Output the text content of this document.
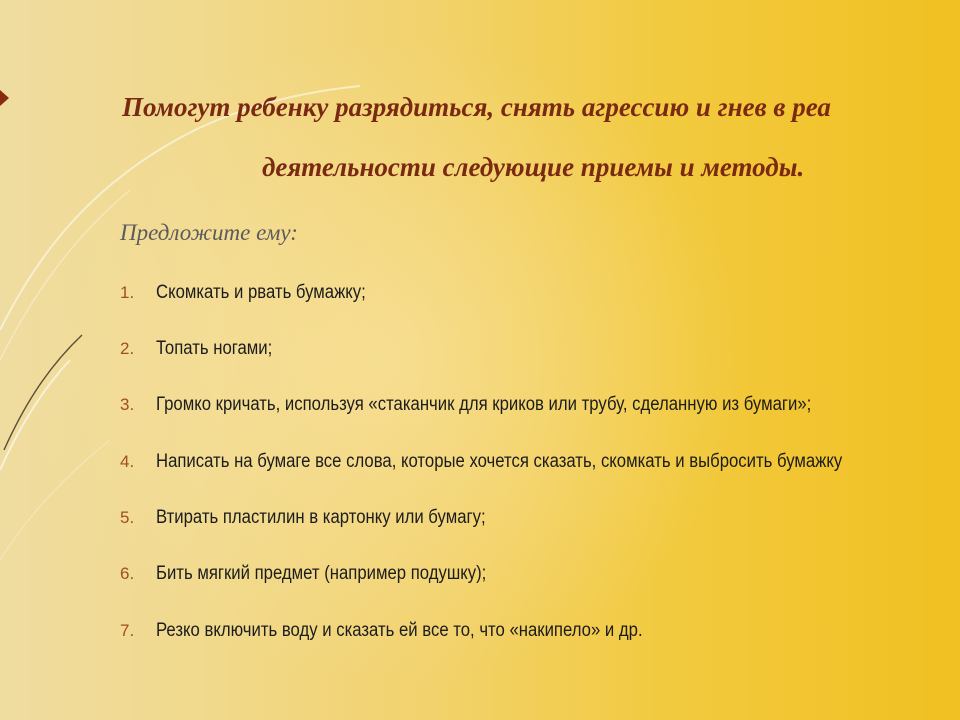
Помогут ребенку разрядиться, снять агрессию и гнев в реа
деятельности следующие приемы и методы.
Предложите ему:
1. Скомкать и рвать бумажку;
2. Топать ногами;
3. Громко кричать, используя «стаканчик для криков или трубу, сделанную из бумаги»;
4. Написать на бумаге все слова, которые хочется сказать, скомкать и выбросить бумажку
5. Втирать пластилин в картонку или бумагу;
6. Бить мягкий предмет (например подушку);
7. Резко включить воду и сказать ей все то, что «накипело» и др.
